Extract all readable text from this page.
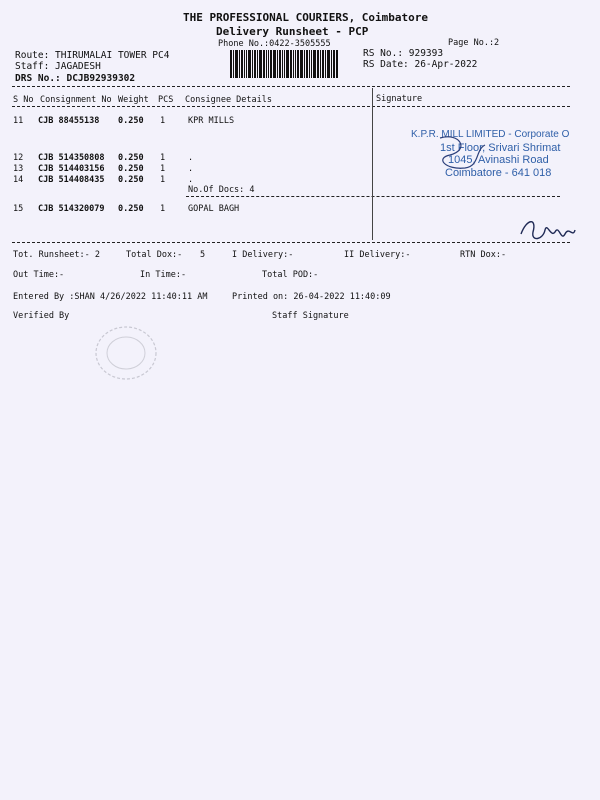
THE PROFESSIONAL COURIERS, Coimbatore
Delivery Runsheet - PCP
Phone No.:0422-3505555	Page No.:2
Route: THIRUMALAI TOWER PC4
Staff: JAGADESH
DRS No.: DCJB92939302
RS No.: 929393
RS Date: 26-Apr-2022
S No Consignment No Weight PCS Consignee Details	Signature
11 CJB 88455138 0.250 1	KPR MILLS
12 CJB 514350808 0.250 1	.
13 CJB 514403156 0.250 1	.
14 CJB 514408435 0.250 1	.
No.Of Docs: 4
15 CJB 514320079 0.250 1	GOPAL BAGH
K.P.R. MILL LIMITED - Corporate O
1st Floor, Srivari Shrimat
1045, Avinashi Road
Coimbatore - 641 018
Tot. Runsheet:- 2	Total Dox:- 5	I Delivery:-	II Delivery:-	RTN Dox:-
Out Time:-	In Time:-	Total POD:-
Entered By :SHAN 4/26/2022 11:40:11 AM	Printed on: 26-04-2022 11:40:09
Verified By	Staff Signature
